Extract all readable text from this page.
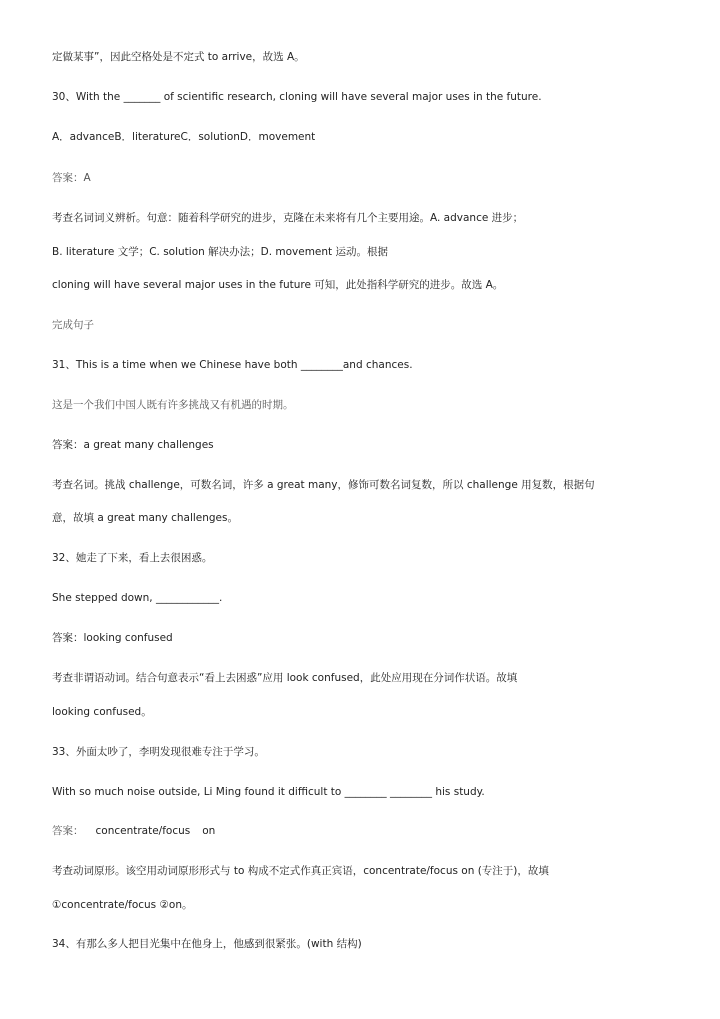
定做某事”，因此空格处是不定式 to arrive，故选 A。
30、With the _______ of scientific research, cloning will have several major uses in the future.
A．advanceB．literatureC．solutionD．movement
答案：A
考查名词词义辨析。句意：随着科学研究的进步，克隆在未来将有几个主要用途。A. advance 进步；
B. literature 文学；C. solution 解决办法；D. movement 运动。根据
cloning will have several major uses in the future 可知，此处指科学研究的进步。故选 A。
完成句子
31、This is a time when we Chinese have both ________and chances.
这是一个我们中国人既有许多挑战又有机遇的时期。
答案：a great many challenges
考查名词。挑战 challenge，可数名词，许多 a great many，修饰可数名词复数，所以 challenge 用复数，根据句
意，故填 a great many challenges。
32、她走了下来，看上去很困惑。
She stepped down, ____________.
答案：looking confused
考查非谓语动词。结合句意表示“看上去困惑”应用 look confused，此处应用现在分词作状语。故填
looking confused。
33、外面太吵了，李明发现很难专注于学习。
With so much noise outside, Li Ming found it difficult to ________ ________ his study.
答案： concentrate/focus on
考查动词原形。该空用动词原形形式与 to 构成不定式作真正宾语，concentrate/focus on (专注于)，故填
①concentrate/focus ②on。
34、有那么多人把目光集中在他身上，他感到很紧张。(with 结构)
